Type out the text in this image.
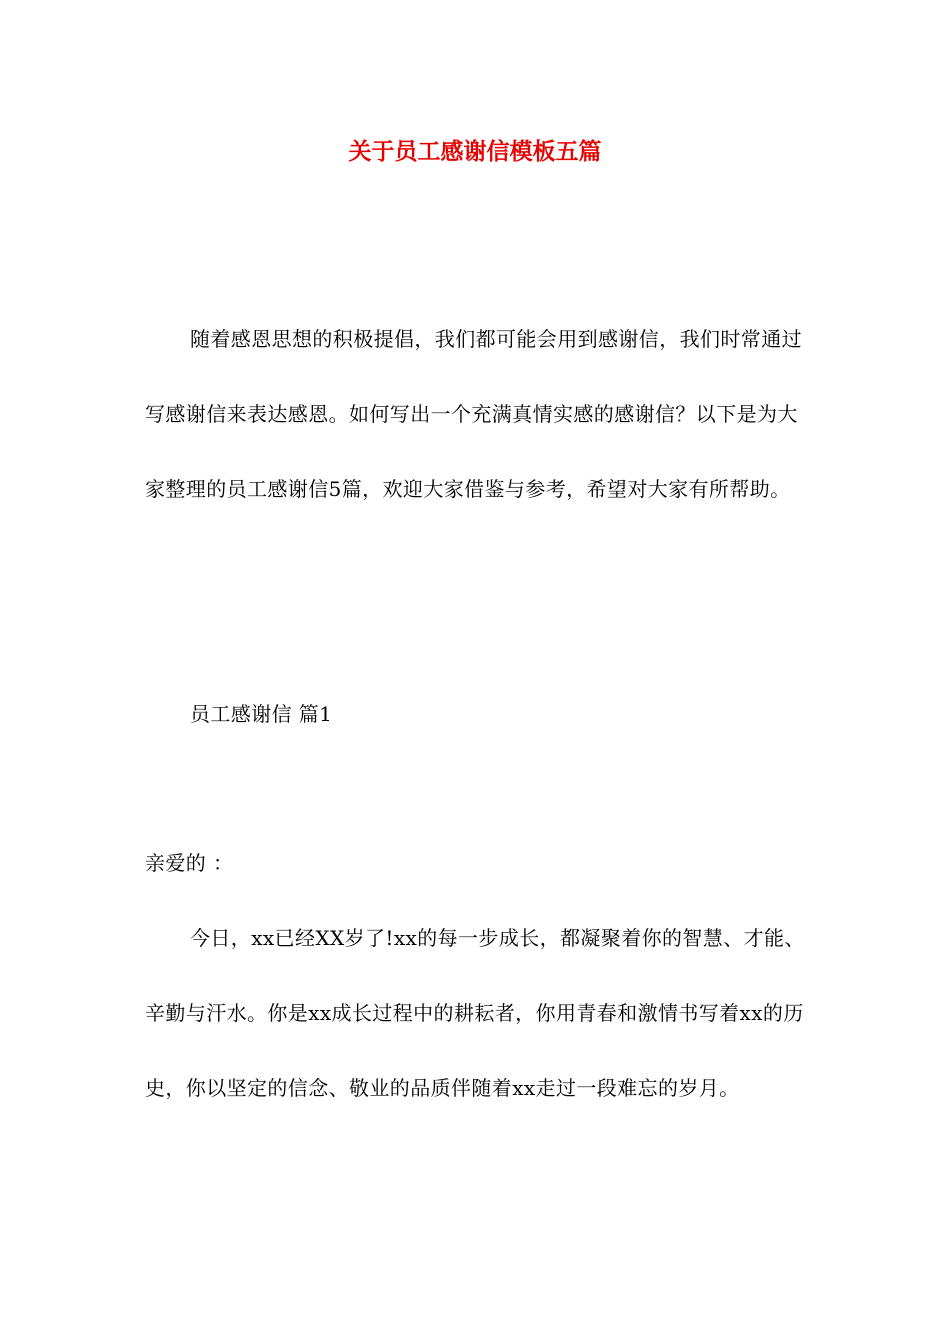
关于员工感谢信模板五篇

随着感恩思想的积极提倡，我们都可能会用到感谢信，我们时常通过写感谢信来表达感恩。如何写出一个充满真情实感的感谢信？以下是为大家整理的员工感谢信5篇，欢迎大家借鉴与参考，希望对大家有所帮助。

员工感谢信 篇1

亲爱的 ：

今日，xx已经XX岁了!xx的每一步成长，都凝聚着你的智慧、才能、辛勤与汗水。你是xx成长过程中的耕耘者，你用青春和激情书写着xx的历史，你以坚定的信念、敬业的品质伴随着xx走过一段难忘的岁月。
